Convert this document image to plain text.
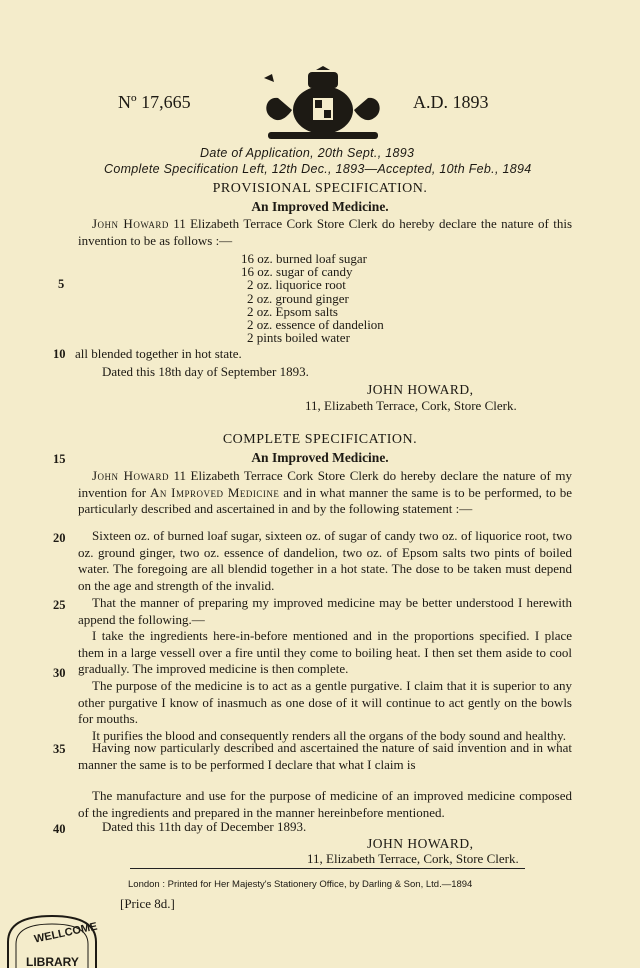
Nº 17,665	A.D. 1893
Date of Application, 20th Sept., 1893
Complete Specification Left, 12th Dec., 1893—Accepted, 10th Feb., 1894
PROVISIONAL SPECIFICATION.
An Improved Medicine.

John Howard 11 Elizabeth Terrace Cork Store Clerk do hereby declare the nature of this invention to be as follows :—

16 oz. burned loaf sugar
16 oz. sugar of candy
2 oz. liquorice root
2 oz. ground ginger
2 oz. Epsom salts
2 oz. essence of dandelion
2 pints boiled water
5
10 all blended together in hot state.
Dated this 18th day of September 1893.
JOHN HOWARD,
11, Elizabeth Terrace, Cork, Store Clerk.
COMPLETE SPECIFICATION.
15	An Improved Medicine.

John Howard 11 Elizabeth Terrace Cork Store Clerk do hereby declare the nature of my invention for An Improved Medicine and in what manner the same is to be performed, to be particularly described and ascertained in and by the following statement :—

20	Sixteen oz. of burned loaf sugar, sixteen oz. of sugar of candy two oz. of liquorice root, two oz. ground ginger, two oz. essence of dandelion, two oz. of Epsom salts two pints of boiled water. The foregoing are all blendid together in a hot state. The dose to be taken must depend on the age and strength of the invalid.

25	That the manner of preparing my improved medicine may be better understood I herewith append the following.—

I take the ingredients here-in-before mentioned and in the proportions specified. I place them in a large vessell over a fire until they come to boiling heat. I then set them aside to cool gradually. The improved medicine is then complete.

The purpose of the medicine is to act as a gentle purgative. I claim that it is superior to any other purgative I know of inasmuch as one dose of it will continue to act gently on the bowls for mouths.

It purifies the blood and consequently renders all the organs of the body sound and healthy.

30
35	Having now particularly described and ascertained the nature of said invention and in what manner the same is to be performed I declare that what I claim is

The manufacture and use for the purpose of medicine of an improved medicine composed of the ingredients and prepared in the manner hereinbefore mentioned.

40	Dated this 11th day of December 1893.
JOHN HOWARD,
11, Elizabeth Terrace, Cork, Store Clerk.
London : Printed for Her Majesty's Stationery Office, by Darling & Son, Ltd.—1894
[Price 8d.]
WELLCOME
LIBRARY
